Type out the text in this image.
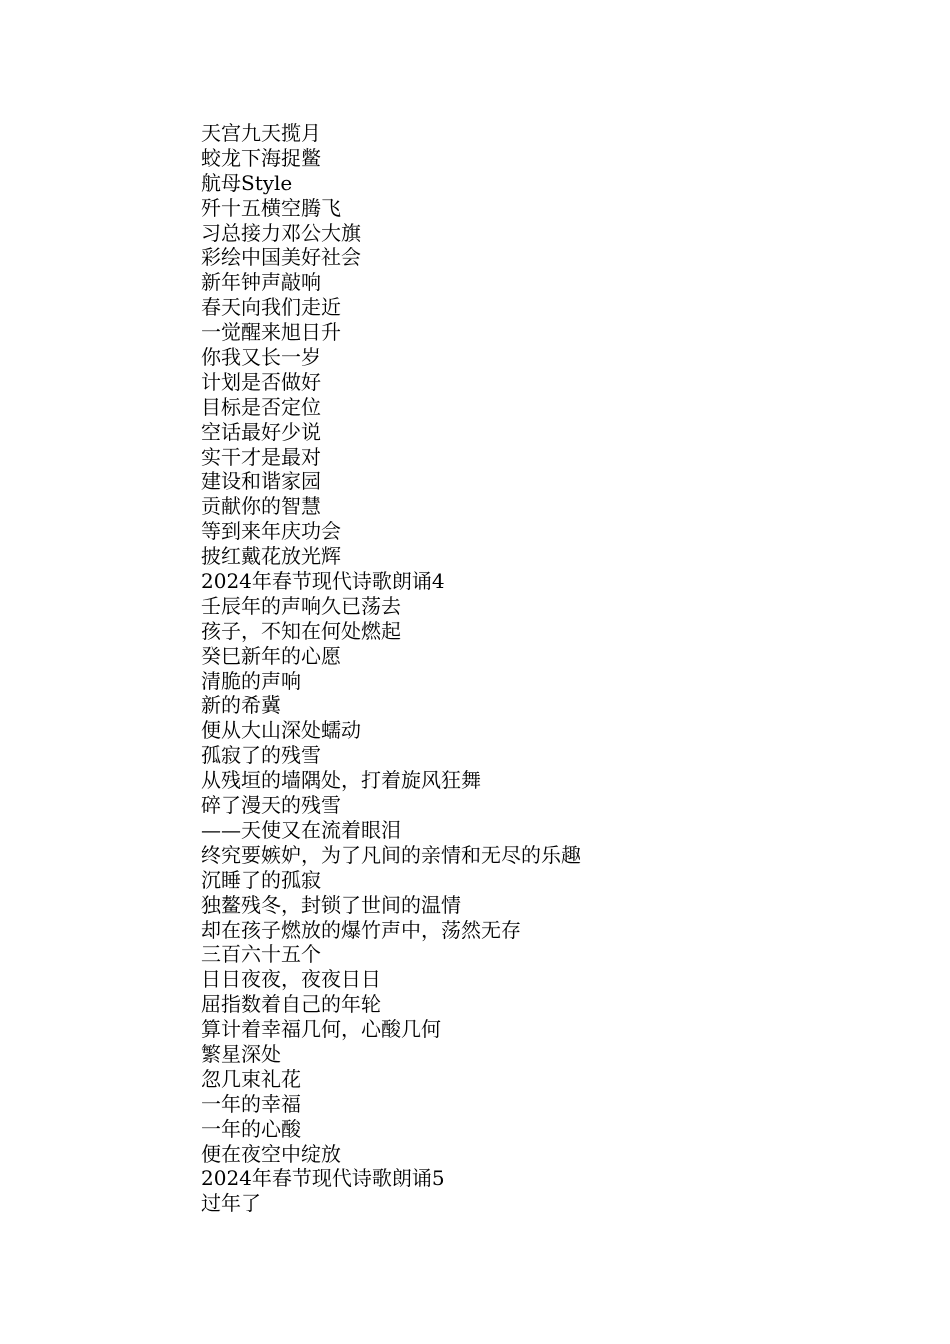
天宫九天揽月
蛟龙下海捉鳖
航母Style
歼十五横空腾飞
习总接力邓公大旗
彩绘中国美好社会
新年钟声敲响
春天向我们走近
一觉醒来旭日升
你我又长一岁
计划是否做好
目标是否定位
空话最好少说
实干才是最对
建设和谐家园
贡献你的智慧
等到来年庆功会
披红戴花放光辉
2024年春节现代诗歌朗诵4
壬辰年的声响久已荡去
孩子，不知在何处燃起
癸巳新年的心愿
清脆的声响
新的希冀
便从大山深处蠕动
孤寂了的残雪
从残垣的墙隅处，打着旋风狂舞
碎了漫天的残雪
——天使又在流着眼泪
终究要嫉妒，为了凡间的亲情和无尽的乐趣
沉睡了的孤寂
独鳌残冬，封锁了世间的温情
却在孩子燃放的爆竹声中，荡然无存
三百六十五个
日日夜夜，夜夜日日
屈指数着自己的年轮
算计着幸福几何，心酸几何
繁星深处
忽几束礼花
一年的幸福
一年的心酸
便在夜空中绽放
2024年春节现代诗歌朗诵5
过年了
